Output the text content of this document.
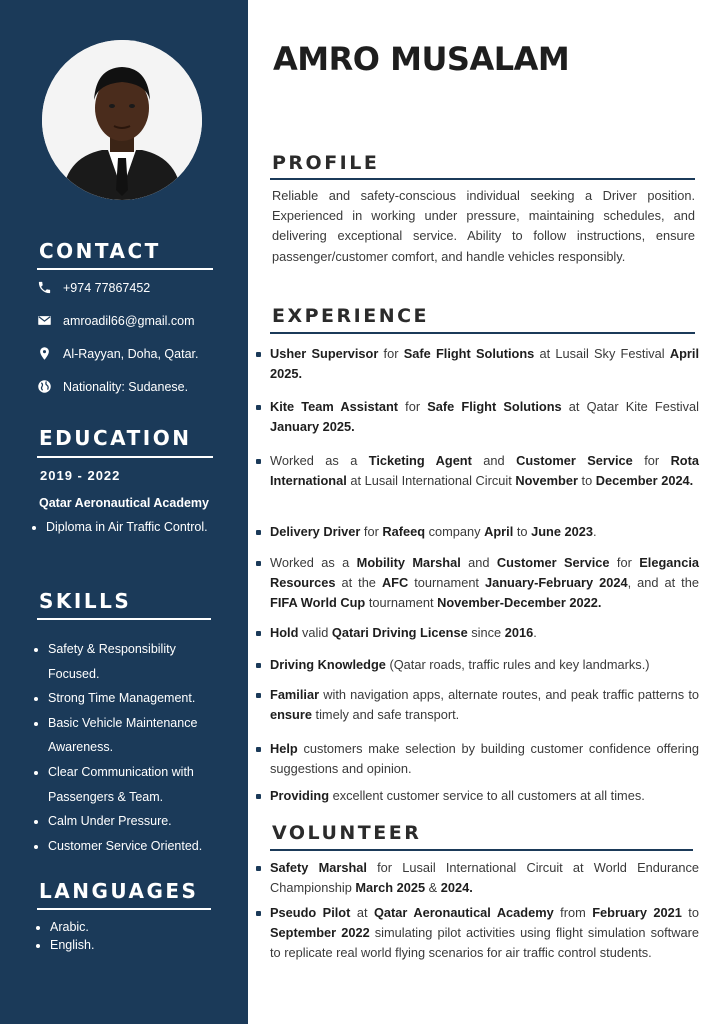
CONTACT
+974 77867452
amroadil66@gmail.com
Al-Rayyan, Doha, Qatar.
Nationality: Sudanese.
EDUCATION
2019 - 2022
Qatar Aeronautical Academy
• Diploma in Air Traffic Control.
SKILLS
• Safety & Responsibility
Focused.
• Strong Time Management.
• Basic Vehicle Maintenance
Awareness.
• Clear Communication with
Passengers & Team.
• Calm Under Pressure.
• Customer Service Oriented.
LANGUAGES
• Arabic.
• English.
AMRO MUSALAM
PROFILE

Reliable and safety-conscious individual seeking a Driver position. Experienced in working under pressure, maintaining schedules, and delivering exceptional service. Ability to follow instructions, ensure passenger/customer comfort, and handle vehicles responsibly.

EXPERIENCE
Usher Supervisor for Safe Flight Solutions at Lusail Sky Festival April 2025.
Kite Team Assistant for Safe Flight Solutions at Qatar Kite Festival January 2025.
Worked as a Ticketing Agent and Customer Service for Rota International at Lusail International Circuit November to December 2024.
Delivery Driver for Rafeeq company April to June 2023.
Worked as a Mobility Marshal and Customer Service for Elegancia Resources at the AFC tournament January-February 2024, and at the FIFA World Cup tournament November-December 2022.
Hold valid Qatari Driving License since 2016.
Driving Knowledge (Qatar roads, traffic rules and key landmarks.)
Familiar with navigation apps, alternate routes, and peak traffic patterns to ensure timely and safe transport.
Help customers make selection by building customer confidence offering suggestions and opinion.
Providing excellent customer service to all customers at all times.
VOLUNTEER
Safety Marshal for Lusail International Circuit at World Endurance Championship March 2025 & 2024.
Pseudo Pilot at Qatar Aeronautical Academy from February 2021 to September 2022 simulating pilot activities using flight simulation software to replicate real world flying scenarios for air traffic control students.
